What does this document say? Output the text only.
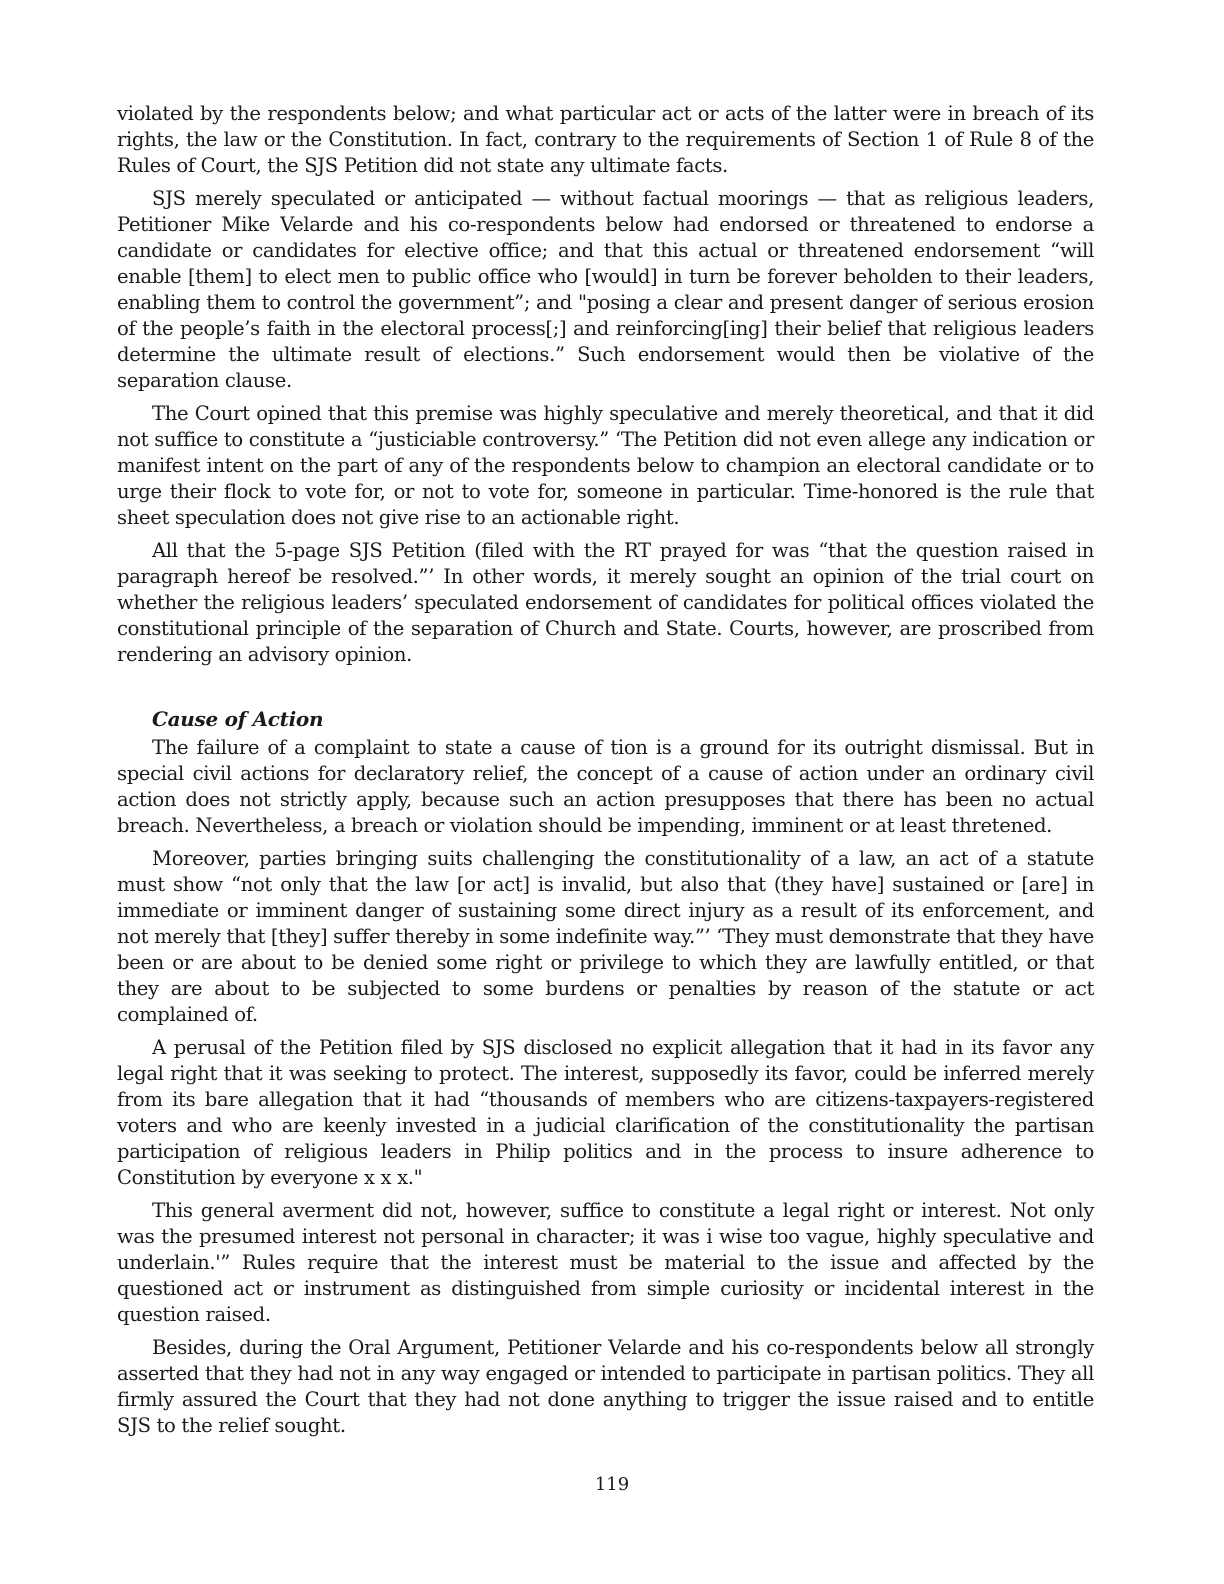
violated by the respondents below; and what particular act or acts of the latter were in breach of its rights, the law or the Constitution. In fact, contrary to the requirements of Section 1 of Rule 8 of the Rules of Court, the SJS Petition did not state any ultimate facts.

SJS merely speculated or anticipated — without factual moorings — that as religious leaders, Petitioner Mike Velarde and his co-respondents below had endorsed or threatened to endorse a candidate or candidates for elective office; and that this actual or threatened endorsement “will enable [them] to elect men to public office who [would] in turn be forever beholden to their leaders, enabling them to control the government”; and "posing a clear and present danger of serious erosion of the people’s faith in the electoral process[;] and reinforcing[ing] their belief that religious leaders determine the ultimate result of elections.” Such endorsement would then be violative of the separation clause.

The Court opined that this premise was highly speculative and merely theoretical, and that it did not suffice to constitute a “justiciable controversy.” ‘The Petition did not even allege any indication or manifest intent on the part of any of the respondents below to champion an electoral candidate or to urge their flock to vote for, or not to vote for, someone in particular. Time-honored is the rule that sheet speculation does not give rise to an actionable right.

All that the 5-page SJS Petition (filed with the RT prayed for was “that the question raised in paragraph hereof be resolved.”’ In other words, it merely sought an opinion of the trial court on whether the religious leaders’ speculated endorsement of candidates for political offices violated the constitutional principle of the separation of Church and State. Courts, however, are proscribed from rendering an advisory opinion.

Cause of Action

The failure of a complaint to state a cause of tion is a ground for its outright dismissal. But in special civil actions for declaratory relief, the concept of a cause of action under an ordinary civil action does not strictly apply, because such an action presupposes that there has been no actual breach. Nevertheless, a breach or violation should be impending, imminent or at least thretened.

Moreover, parties bringing suits challenging the constitutionality of a law, an act of a statute must show “not only that the law [or act] is invalid, but also that (they have] sustained or [are] in immediate or imminent danger of sustaining some direct injury as a result of its enforcement, and not merely that [they] suffer thereby in some indefinite way.”’ ‘They must demonstrate that they have been or are about to be denied some right or privilege to which they are lawfully entitled, or that they are about to be subjected to some burdens or penalties by reason of the statute or act complained of.

A perusal of the Petition filed by SJS disclosed no explicit allegation that it had in its favor any legal right that it was seeking to protect. The interest, supposedly its favor, could be inferred merely from its bare allegation that it had “thousands of members who are citizens-taxpayers-registered voters and who are keenly invested in a judicial clarification of the constitutionality the partisan participation of religious leaders in Philip politics and in the process to insure adherence to Constitution by everyone x x x."

This general averment did not, however, suffice to constitute a legal right or interest. Not only was the presumed interest not personal in character; it was i wise too vague, highly speculative and underlain.'” Rules require that the interest must be material to the issue and affected by the questioned act or instrument as distinguished from simple curiosity or incidental interest in the question raised.

Besides, during the Oral Argument, Petitioner Velarde and his co-respondents below all strongly asserted that they had not in any way engaged or intended to participate in partisan politics. They all firmly assured the Court that they had not done anything to trigger the issue raised and to entitle SJS to the relief sought.

119
